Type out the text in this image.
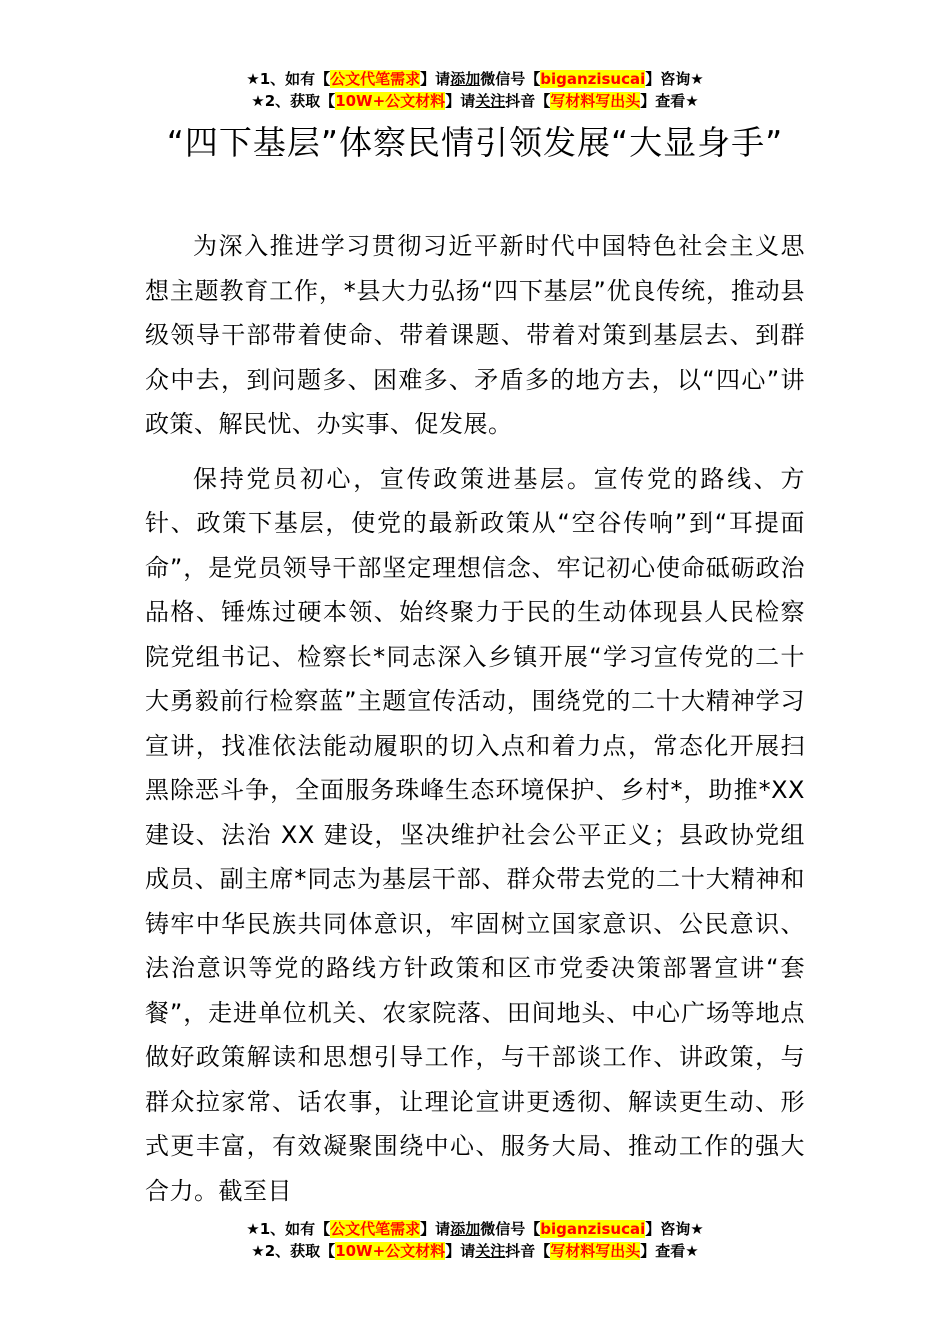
★1、如有【公文代笔需求】请添加微信号【biganzisucai】咨询★
★2、获取【10W+公文材料】请关注抖音【写材料写出头】查看★
“四下基层”体察民情引领发展“大显身手”

为深入推进学习贯彻习近平新时代中国特色社会主义思想主题教育工作，*县大力弘扬“四下基层”优良传统，推动县级领导干部带着使命、带着课题、带着对策到基层去、到群众中去，到问题多、困难多、矛盾多的地方去，以“四心”讲政策、解民忧、办实事、促发展。

保持党员初心，宣传政策进基层。宣传党的路线、方针、政策下基层，使党的最新政策从“空谷传响”到“耳提面命”，是党员领导干部坚定理想信念、牢记初心使命砥砺政治品格、锤炼过硬本领、始终聚力于民的生动体现县人民检察院党组书记、检察长*同志深入乡镇开展“学习宣传党的二十大勇毅前行检察蓝”主题宣传活动，围绕党的二十大精神学习宣讲，找准依法能动履职的切入点和着力点，常态化开展扫黑除恶斗争，全面服务珠峰生态环境保护、乡村*，助推*XX 建设、法治 XX 建设，坚决维护社会公平正义；县政协党组成员、副主席*同志为基层干部、群众带去党的二十大精神和铸牢中华民族共同体意识，牢固树立国家意识、公民意识、法治意识等党的路线方针政策和区市党委决策部署宣讲“套餐”，走进单位机关、农家院落、田间地头、中心广场等地点做好政策解读和思想引导工作，与干部谈工作、讲政策，与群众拉家常、话农事，让理论宣讲更透彻、解读更生动、形式更丰富，有效凝聚围绕中心、服务大局、推动工作的强大合力。截至目

★1、如有【公文代笔需求】请添加微信号【biganzisucai】咨询★
★2、获取【10W+公文材料】请关注抖音【写材料写出头】查看★
